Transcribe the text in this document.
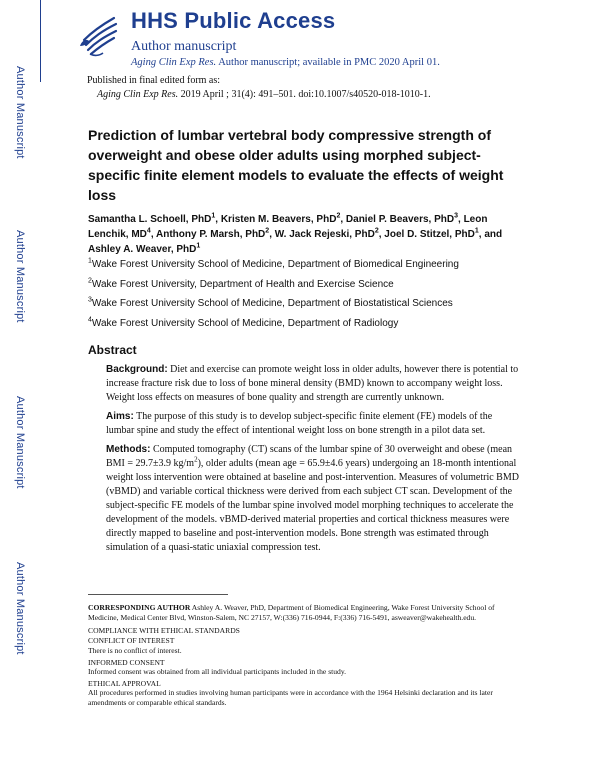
Author Manuscript
Author Manuscript
Author Manuscript
Author Manuscript
HHS Public Access
Author manuscript
Aging Clin Exp Res. Author manuscript; available in PMC 2020 April 01.
Published in final edited form as:
Aging Clin Exp Res. 2019 April ; 31(4): 491–501. doi:10.1007/s40520-018-1010-1.
Prediction of lumbar vertebral body compressive strength of overweight and obese older adults using morphed subject-specific finite element models to evaluate the effects of weight loss
Samantha L. Schoell, PhD$^1$, Kristen M. Beavers, PhD$^2$, Daniel P. Beavers, PhD$^3$, Leon Lenchik, $MD^4$, Anthony P. Marsh, PhD$^2$, W. Jack Rejeski, PhD$^2$, Joel D. Stitzel, PhD$^1$, and Ashley A. Weaver, PhD$^1$
$^1$Wake Forest University School of Medicine, Department of Biomedical Engineering
$^2$Wake Forest University, Department of Health and Exercise Science
$^3$Wake Forest University School of Medicine, Department of Biostatistical Sciences
$^4$Wake Forest University School of Medicine, Department of Radiology
Abstract
Background: Diet and exercise can promote weight loss in older adults, however there is potential to increase fracture risk due to loss of bone mineral density (BMD) known to accompany weight loss. Weight loss effects on measures of bone quality and strength are currently unknown.
Aims: The purpose of this study is to develop subject-specific finite element (FE) models of the lumbar spine and study the effect of intentional weight loss on bone strength in a pilot data set.
Methods: Computed tomography (CT) scans of the lumbar spine of 30 overweight and obese (mean BMI = 29.7±3.9 $kg/m^2$), older adults (mean age = 65.9±4.6 years) undergoing an 18-month intentional weight loss intervention were obtained at baseline and post-intervention. Measures of volumetric BMD (vBMD) and variable cortical thickness were derived from each subject CT scan. Development of the subject-specific FE models of the lumbar spine involved model morphing techniques to accelerate the development of the models. vBMD-derived material properties and cortical thickness measures were directly mapped to baseline and post-intervention models. Bone strength was estimated through simulation of a quasi-static uniaxial compression test.
CORRESPONDING AUTHOR Ashley A. Weaver, PhD, Department of Biomedical Engineering, Wake Forest University School of Medicine, Medical Center Blvd, Winston-Salem, NC 27157, W:(336) 716-0944, F:(336) 716-5491, asweaver@wakehealth.edu.
COMPLIANCE WITH ETHICAL STANDARDS
CONFLICT OF INTEREST
There is no conflict of interest.
INFORMED CONSENT
Informed consent was obtained from all individual participants included in the study.
ETHICAL APPROVAL
All procedures performed in studies involving human participants were in accordance with the 1964 Helsinki declaration and its later amendments or comparable ethical standards.
